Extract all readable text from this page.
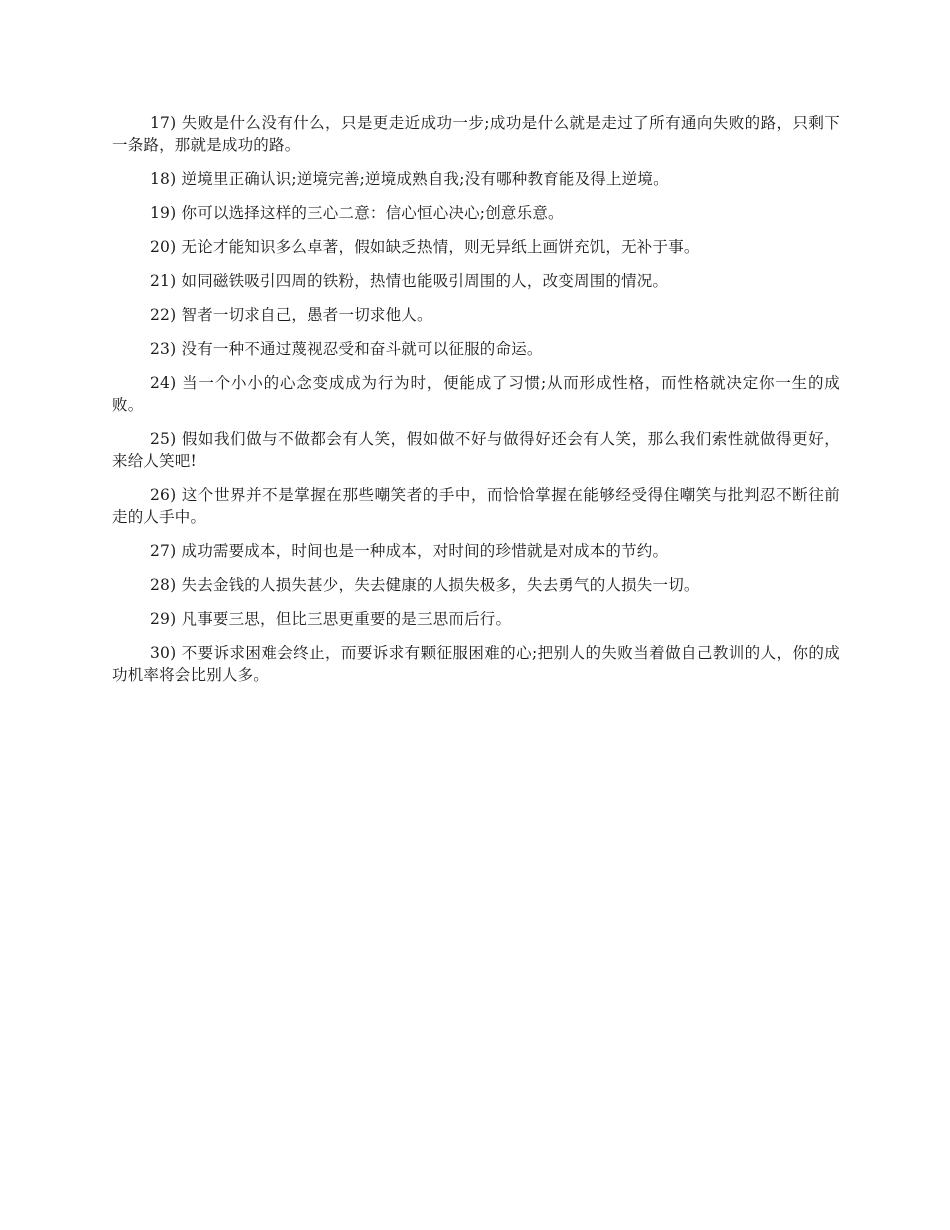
17) 失败是什么没有什么，只是更走近成功一步;成功是什么就是走过了所有通向失败的路，只剩下一条路，那就是成功的路。

18) 逆境里正确认识;逆境完善;逆境成熟自我;没有哪种教育能及得上逆境。

19) 你可以选择这样的三心二意：信心恒心决心;创意乐意。

20) 无论才能知识多么卓著，假如缺乏热情，则无异纸上画饼充饥，无补于事。

21) 如同磁铁吸引四周的铁粉，热情也能吸引周围的人，改变周围的情况。

22) 智者一切求自己，愚者一切求他人。

23) 没有一种不通过蔑视忍受和奋斗就可以征服的命运。

24) 当一个小小的心念变成成为行为时，便能成了习惯;从而形成性格，而性格就决定你一生的成败。

25) 假如我们做与不做都会有人笑，假如做不好与做得好还会有人笑，那么我们索性就做得更好，来给人笑吧!

26) 这个世界并不是掌握在那些嘲笑者的手中，而恰恰掌握在能够经受得住嘲笑与批判忍不断往前走的人手中。

27) 成功需要成本，时间也是一种成本，对时间的珍惜就是对成本的节约。

28) 失去金钱的人损失甚少，失去健康的人损失极多，失去勇气的人损失一切。

29) 凡事要三思，但比三思更重要的是三思而后行。

30) 不要诉求困难会终止，而要诉求有颗征服困难的心;把别人的失败当着做自己教训的人，你的成功机率将会比别人多。
